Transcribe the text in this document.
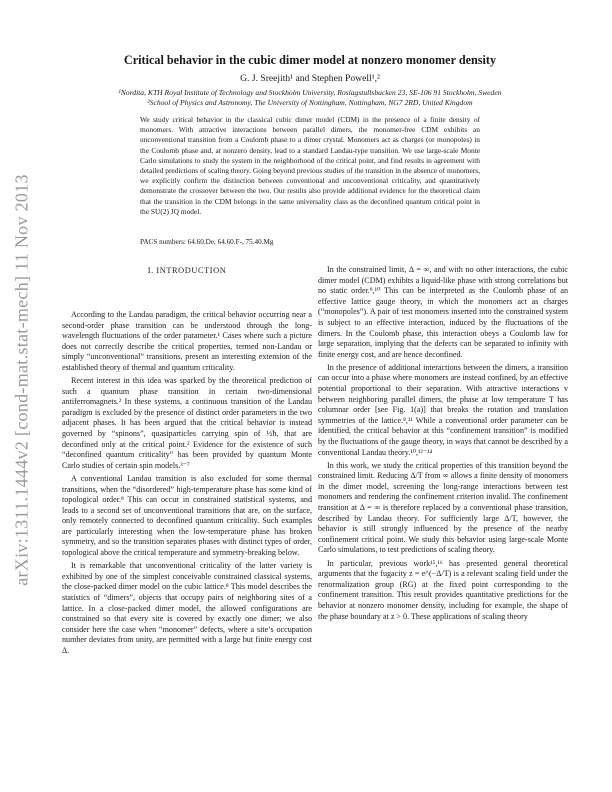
arXiv:1311.1444v2 [cond-mat.stat-mech] 11 Nov 2013
Critical behavior in the cubic dimer model at nonzero monomer density
G. J. Sreejith¹ and Stephen Powell¹,²
¹Nordita, KTH Royal Institute of Technology and Stockholm University, Roslagstullsbacken 23, SE-106 91 Stockholm, Sweden
²School of Physics and Astronomy, The University of Nottingham, Nottingham, NG7 2RD, United Kingdom
We study critical behavior in the classical cubic dimer model (CDM) in the presence of a finite density of monomers. With attractive interactions between parallel dimers, the monomer-free CDM exhibits an unconventional transition from a Coulomb phase to a dimer crystal. Monomers act as charges (or monopoles) in the Coulomb phase and, at nonzero density, lead to a standard Landau-type transition. We use large-scale Monte Carlo simulations to study the system in the neighborhood of the critical point, and find results in agreement with detailed predictions of scaling theory. Going beyond previous studies of the transition in the absence of monomers, we explicitly confirm the distinction between conventional and unconventional criticality, and quantitatively demonstrate the crossover between the two. Our results also provide additional evidence for the theoretical claim that the transition in the CDM belongs in the same universality class as the deconfined quantum critical point in the SU(2) JQ model.
PACS numbers: 64.60.De, 64.60.F-, 75.40.Mg
I. INTRODUCTION

According to the Landau paradigm, the critical behavior occurring near a second-order phase transition can be understood through the long-wavelength fluctuations of the order parameter.¹ Cases where such a picture does not correctly describe the critical properties, termed non-Landau or simply “unconventional” transitions, present an interesting extension of the established theory of thermal and quantum criticality.

Recent interest in this idea was sparked by the theoretical prediction of such a quantum phase transition in certain two-dimensional antiferromagnets.² In these systems, a continuous transition of the Landau paradigm is excluded by the presence of distinct order parameters in the two adjacent phases. It has been argued that the critical behavior is instead governed by “spinons”, quasiparticles carrying spin of ½ħ, that are deconfined only at the critical point.² Evidence for the existence of such “deconfined quantum criticality” has been provided by quantum Monte Carlo studies of certain spin models.³⁻⁷

A conventional Landau transition is also excluded for some thermal transitions, when the “disordered” high-temperature phase has some kind of topological order.⁸ This can occur in constrained statistical systems, and leads to a second set of unconventional transitions that are, on the surface, only remotely connected to deconfined quantum criticality. Such examples are particularly interesting when the low-temperature phase has broken symmetry, and so the transition separates phases with distinct types of order, topological above the critical temperature and symmetry-breaking below.

It is remarkable that unconventional criticality of the latter variety is exhibited by one of the simplest conceivable constrained classical systems, the close-packed dimer model on the cubic lattice.⁸ This model describes the statistics of “dimers”, objects that occupy pairs of neighboring sites of a lattice. In a close-packed dimer model, the allowed configurations are constrained so that every site is covered by exactly one dimer; we also consider here the case when “monomer” defects, where a site’s occupation number deviates from unity, are permitted with a large but finite energy cost Δ.

In the constrained limit, Δ = ∞, and with no other interactions, the cubic dimer model (CDM) exhibits a liquid-like phase with strong correlations but no static order.⁹,¹⁰ This can be interpreted as the Coulomb phase of an effective lattice gauge theory, in which the monomers act as charges (“monopoles”). A pair of test monomers inserted into the constrained system is subject to an effective interaction, induced by the fluctuations of the dimers. In the Coulomb phase, this interaction obeys a Coulomb law for large separation, implying that the defects can be separated to infinity with finite energy cost, and are hence deconfined.

In the presence of additional interactions between the dimers, a transition can occur into a phase where monomers are instead confined, by an effective potential proportional to their separation. With attractive interactions v between neighboring parallel dimers, the phase at low temperature T has columnar order [see Fig. 1(a)] that breaks the rotation and translation symmetries of the lattice.⁸,¹¹ While a conventional order parameter can be identified, the critical behavior at this “confinement transition” is modified by the fluctuations of the gauge theory, in ways that cannot be described by a conventional Landau theory.¹⁰,¹²⁻¹⁴

In this work, we study the critical properties of this transition beyond the constrained limit. Reducing Δ/T from ∞ allows a finite density of monomers in the dimer model, screening the long-range interactions between test monomers and rendering the confinement criterion invalid. The confinement transition at Δ = ∞ is therefore replaced by a conventional phase transition, described by Landau theory. For sufficiently large Δ/T, however, the behavior is still strongly influenced by the presence of the nearby confinement critical point. We study this behavior using large-scale Monte Carlo simulations, to test predictions of scaling theory.

In particular, previous work¹⁵,¹⁶ has presented general theoretical arguments that the fugacity z = e^(−Δ/T) is a relevant scaling field under the renormalization group (RG) at the fixed point corresponding to the confinement transition. This result provides quantitative predictions for the behavior at nonzero monomer density, including for example, the shape of the phase boundary at z > 0. These applications of scaling theory
